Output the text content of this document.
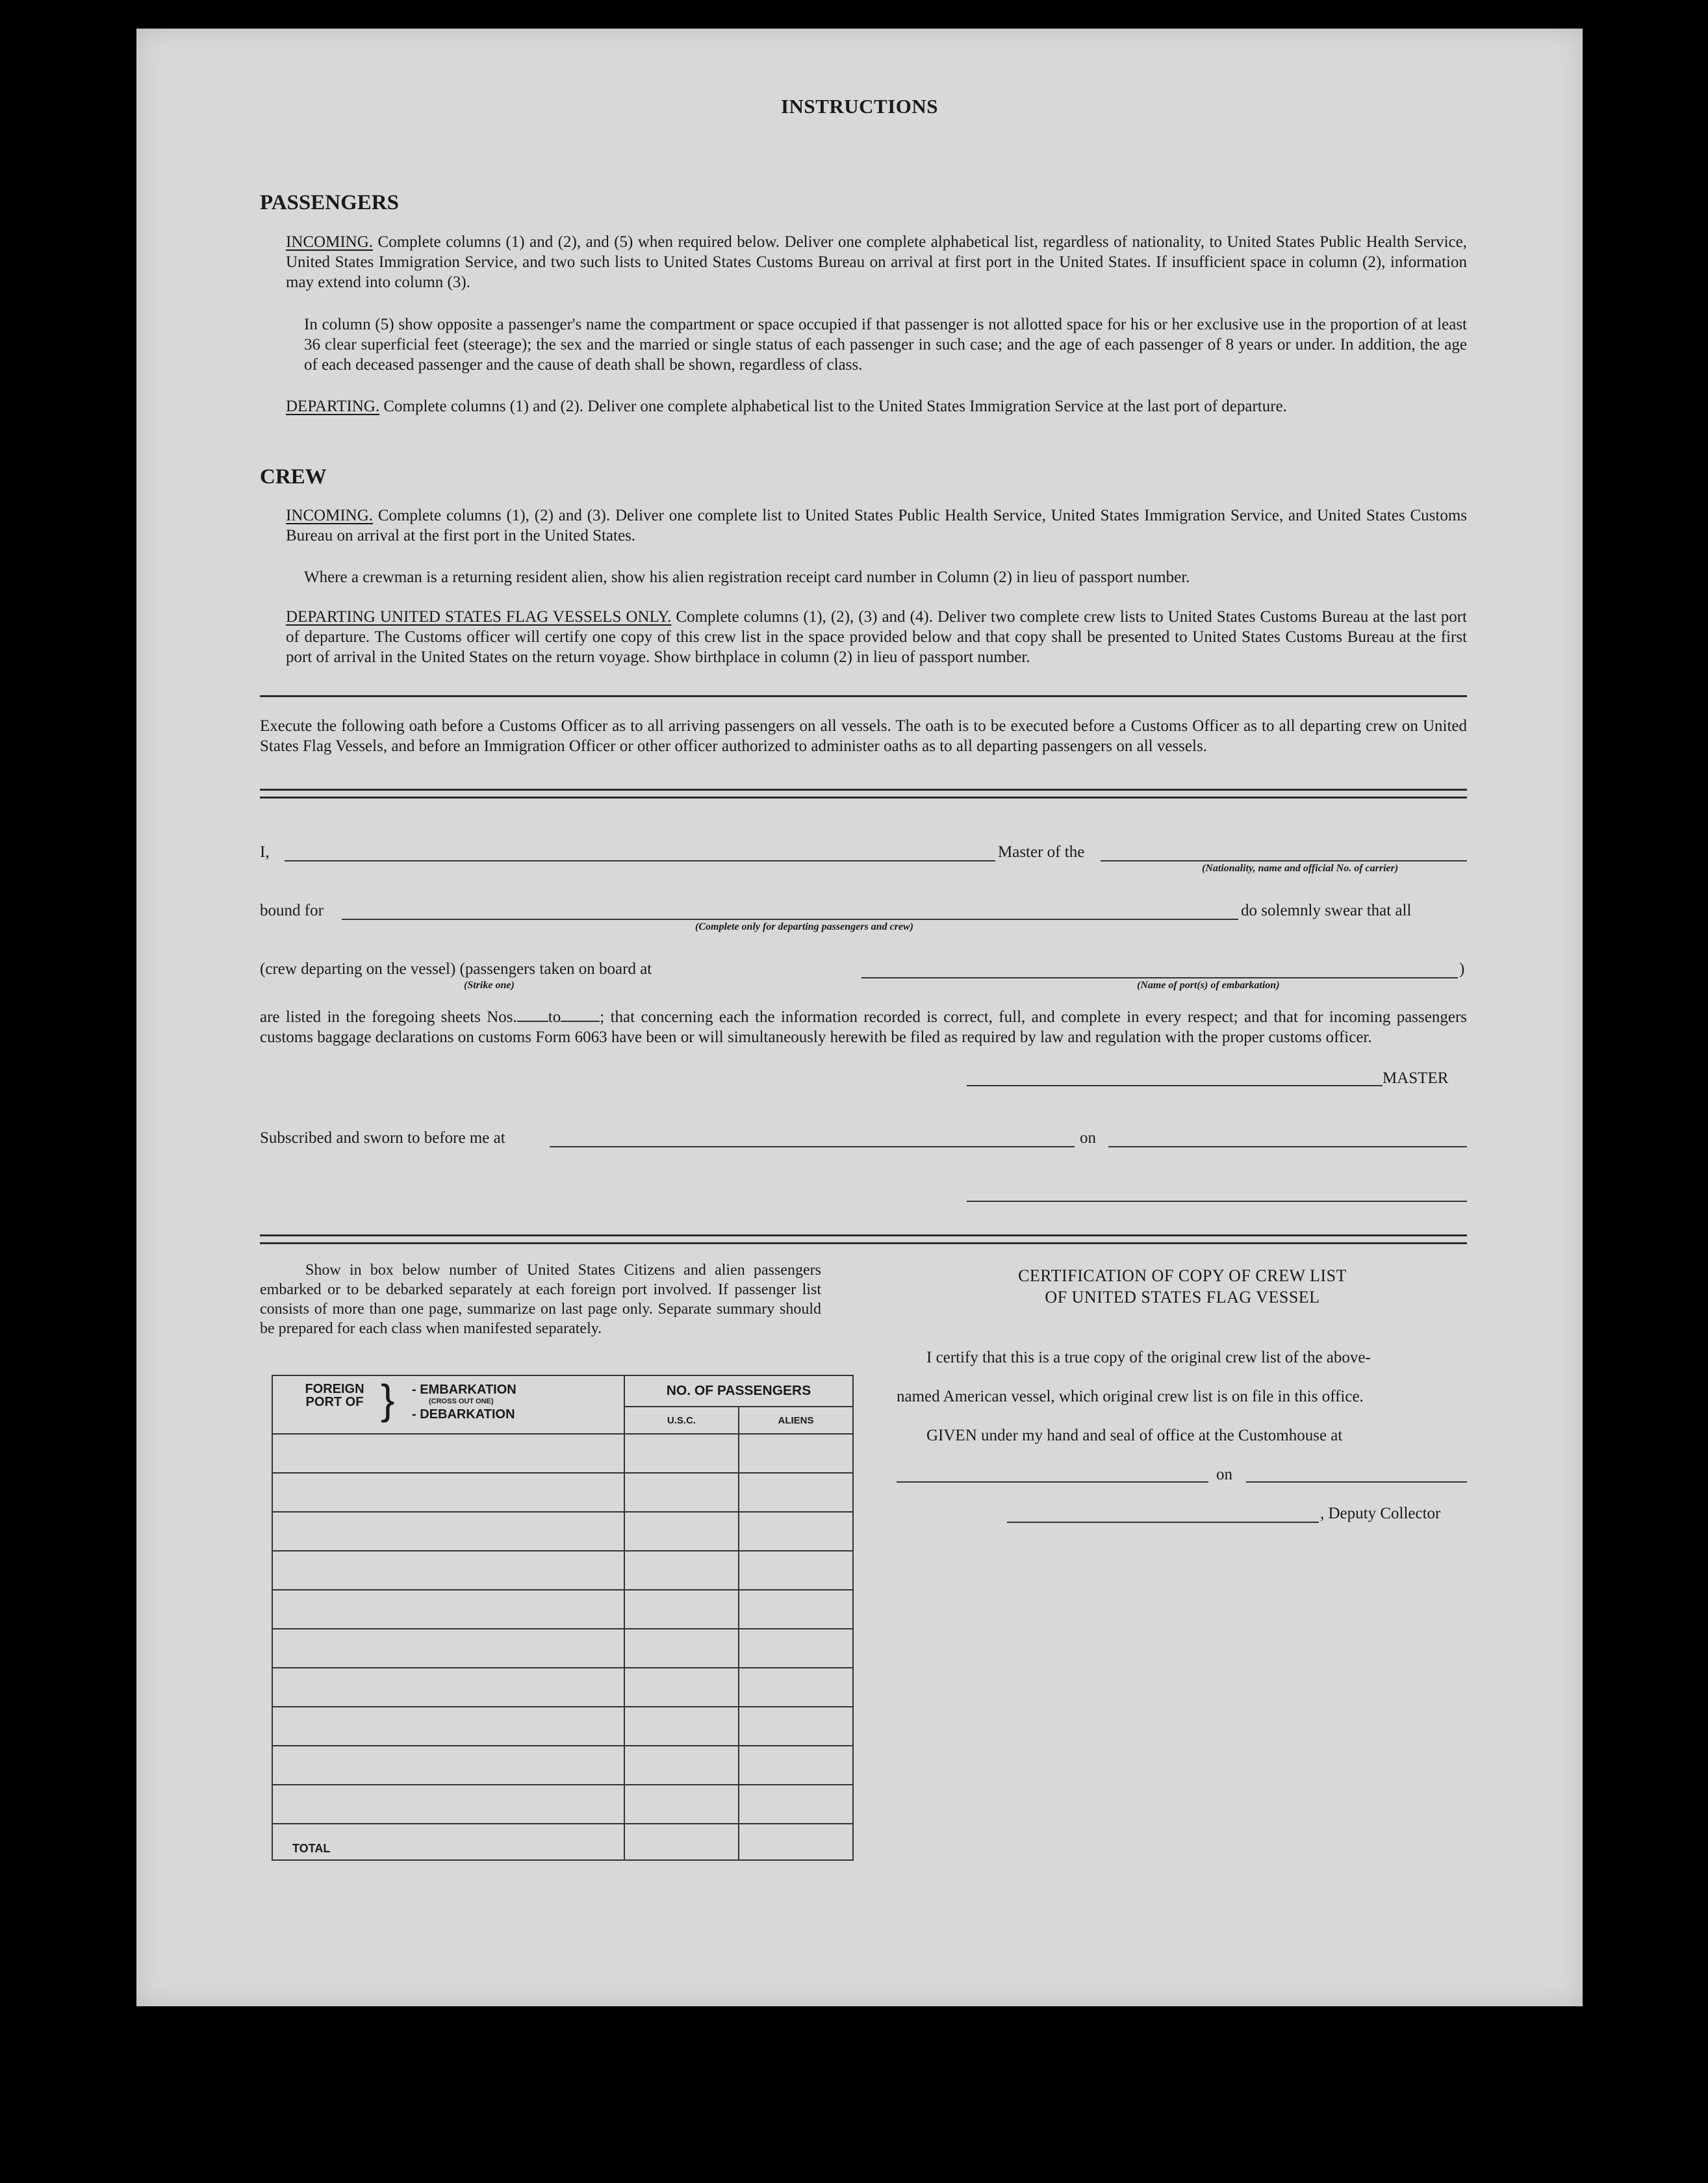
INSTRUCTIONS
PASSENGERS
INCOMING. Complete columns (1) and (2), and (5) when required below. Deliver one complete alphabetical list, regardless of nationality, to United States Public Health Service, United States Immigration Service, and two such lists to United States Customs Bureau on arrival at first port in the United States. If insufficient space in column (2), information may extend into column (3).
In column (5) show opposite a passenger's name the compartment or space occupied if that passenger is not allotted space for his or her exclusive use in the proportion of at least 36 clear superficial feet (steerage); the sex and the married or single status of each passenger in such case; and the age of each passenger of 8 years or under. In addition, the age of each deceased passenger and the cause of death shall be shown, regardless of class.
DEPARTING. Complete columns (1) and (2). Deliver one complete alphabetical list to the United States Immigration Service at the last port of departure.
CREW
INCOMING. Complete columns (1), (2) and (3). Deliver one complete list to United States Public Health Service, United States Immigration Service, and United States Customs Bureau on arrival at the first port in the United States.
Where a crewman is a returning resident alien, show his alien registration receipt card number in Column (2) in lieu of passport number.
DEPARTING UNITED STATES FLAG VESSELS ONLY. Complete columns (1), (2), (3) and (4). Deliver two complete crew lists to United States Customs Bureau at the last port of departure. The Customs officer will certify one copy of this crew list in the space provided below and that copy shall be presented to United States Customs Bureau at the first port of arrival in the United States on the return voyage. Show birthplace in column (2) in lieu of passport number.
Execute the following oath before a Customs Officer as to all arriving passengers on all vessels. The oath is to be executed before a Customs Officer as to all departing crew on United States Flag Vessels, and before an Immigration Officer or other officer authorized to administer oaths as to all departing passengers on all vessels.
I,	Master of the
(Nationality, name and official No. of carrier)
bound for
(Complete only for departing passengers and crew)
do solemnly swear that all
(crew departing on the vessel) (passengers taken on board at
(Strike one)	(Name of port(s) of embarkation)
)
are listed in the foregoing sheets Nos. to ; that concerning each the information recorded is correct, full, and complete in every respect; and that for incoming passengers customs baggage declarations on customs Form 6063 have been or will simultaneously herewith be filed as required by law and regulation with the proper customs officer.
MASTER
Subscribed and sworn to before me at	on
Show in box below number of United States Citizens and alien passengers embarked or to be debarked separately at each foreign port involved. If passenger list consists of more than one page, summarize on last page only. Separate summary should be prepared for each class when manifested separately.
FOREIGN PORT OF } - EMBARKATION
(CROSS OUT ONE)
- DEBARKATION	NO. OF PASSENGERS	
	U.S.C.	ALIENS

TOTAL		
CERTIFICATION OF COPY OF CREW LIST
OF UNITED STATES FLAG VESSEL
I certify that this is a true copy of the original crew list of the above-
named American vessel, which original crew list is on file in this office.
GIVEN under my hand and seal of office at the Customhouse at
on
, Deputy Collector
